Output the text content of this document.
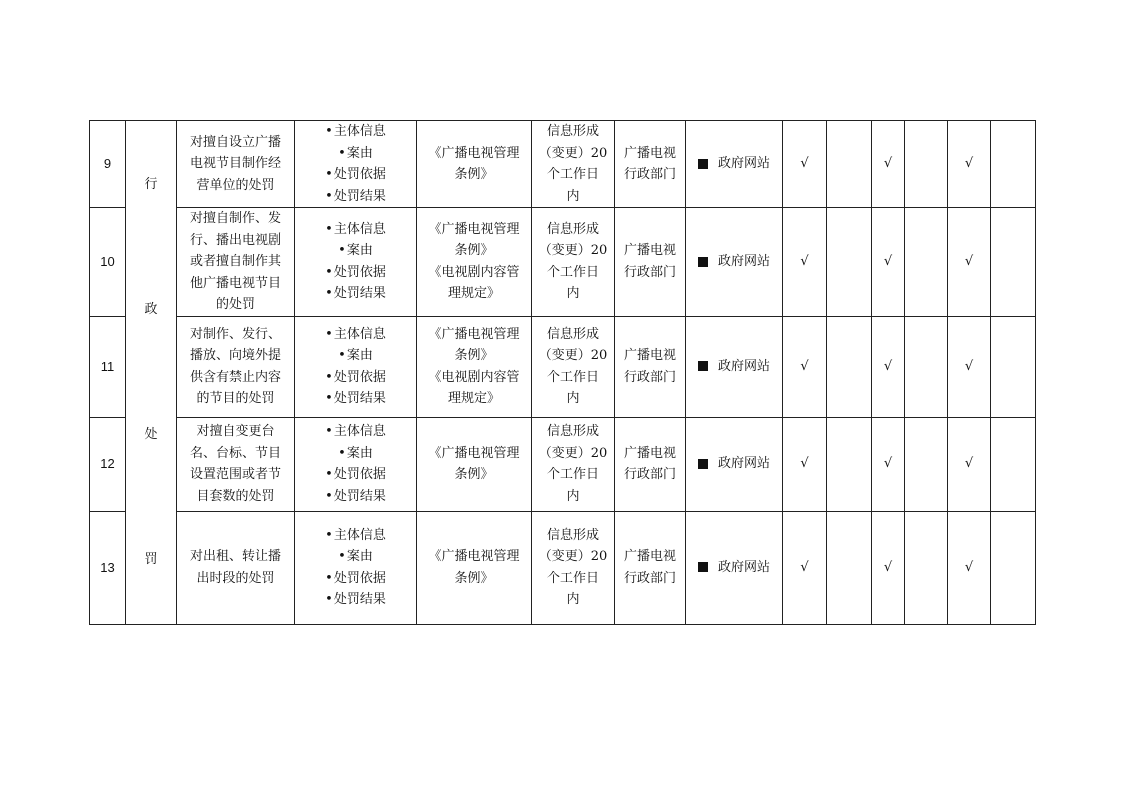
9	行
政
处
罚	对擅自设立广播
电视节目制作经
营单位的处罚	• 主体信息
• 案由
• 处罚依据
• 处罚结果	《广播电视管理
条例》	信息形成
（变更）20
个工作日
内	广播电视
行政部门	政府网站	√		√		√	
10		对擅自制作、发
行、播出电视剧
或者擅自制作其
他广播电视节目
的处罚	• 主体信息
• 案由
• 处罚依据
• 处罚结果	《广播电视管理
条例》
《电视剧内容管
理规定》	信息形成
（变更）20
个工作日
内	广播电视
行政部门	政府网站	√		√		√	
11		对制作、发行、
播放、向境外提
供含有禁止内容
的节目的处罚	• 主体信息
• 案由
• 处罚依据
• 处罚结果	《广播电视管理
条例》
《电视剧内容管
理规定》	信息形成
（变更）20
个工作日
内	广播电视
行政部门	政府网站	√		√		√	
12		对擅自变更台
名、台标、节目
设置范围或者节
目套数的处罚	• 主体信息
• 案由
• 处罚依据
• 处罚结果	《广播电视管理
条例》	信息形成
（变更）20
个工作日
内	广播电视
行政部门	政府网站	√		√		√	
13		对出租、转让播
出时段的处罚	• 主体信息
• 案由
• 处罚依据
• 处罚结果	《广播电视管理
条例》	信息形成
（变更）20
个工作日
内	广播电视
行政部门	政府网站	√		√		√	
